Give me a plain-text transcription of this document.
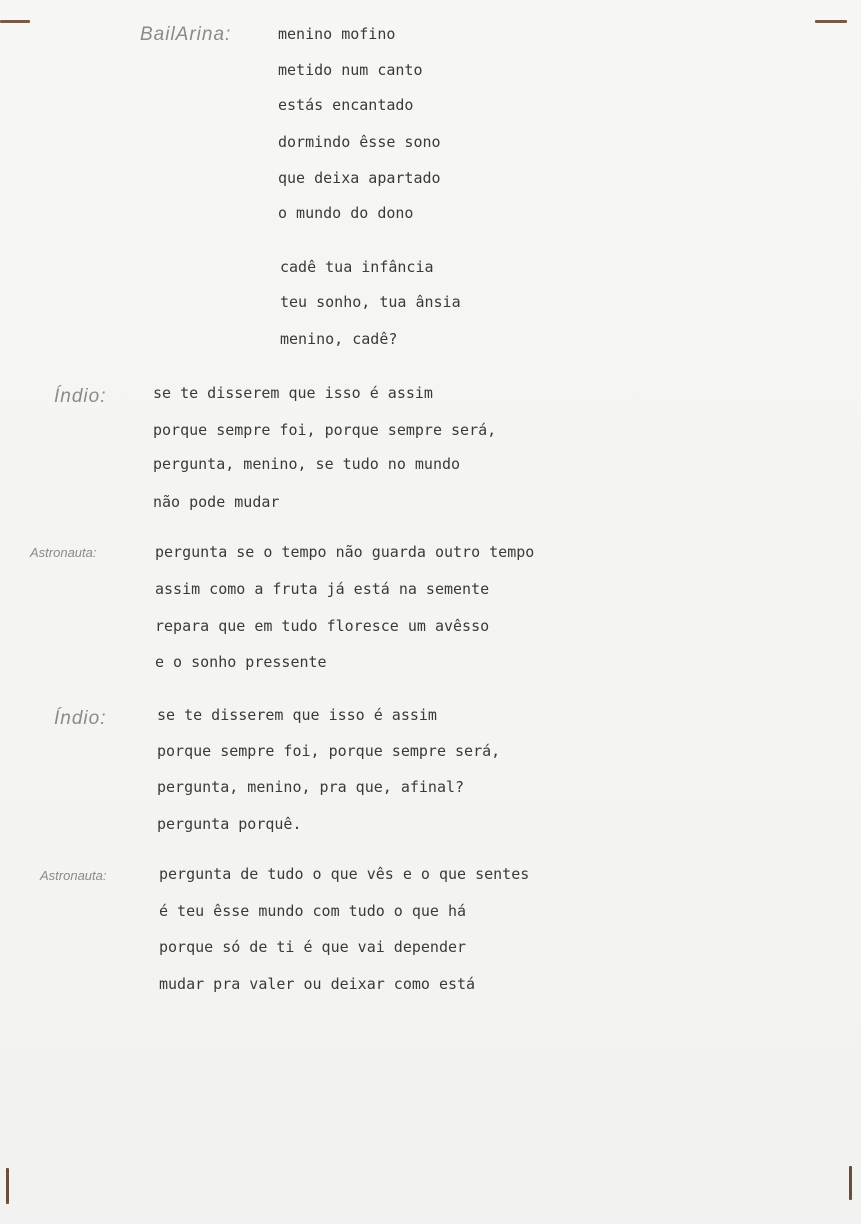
BailArina:	menino mofino
metido num canto
estás encantado
dormindo êsse sono
que deixa apartado
o mundo do dono
cadê tua infância
teu sonho, tua ânsia
menino, cadê?
Índio:	se te disserem que isso é assim
porque sempre foi, porque sempre será,
pergunta, menino, se tudo no mundo
não pode mudar
Astronauta:	pergunta se o tempo não guarda outro tempo
assim como a fruta já está na semente
repara que em tudo floresce um avêsso
e o sonho pressente
Índio:	se te disserem que isso é assim
porque sempre foi, porque sempre será,
pergunta, menino, pra que, afinal?
pergunta porquê.
Astronauta:	pergunta de tudo o que vês e o que sentes
é teu êsse mundo com tudo o que há
porque só de ti é que vai depender
mudar pra valer ou deixar como está
